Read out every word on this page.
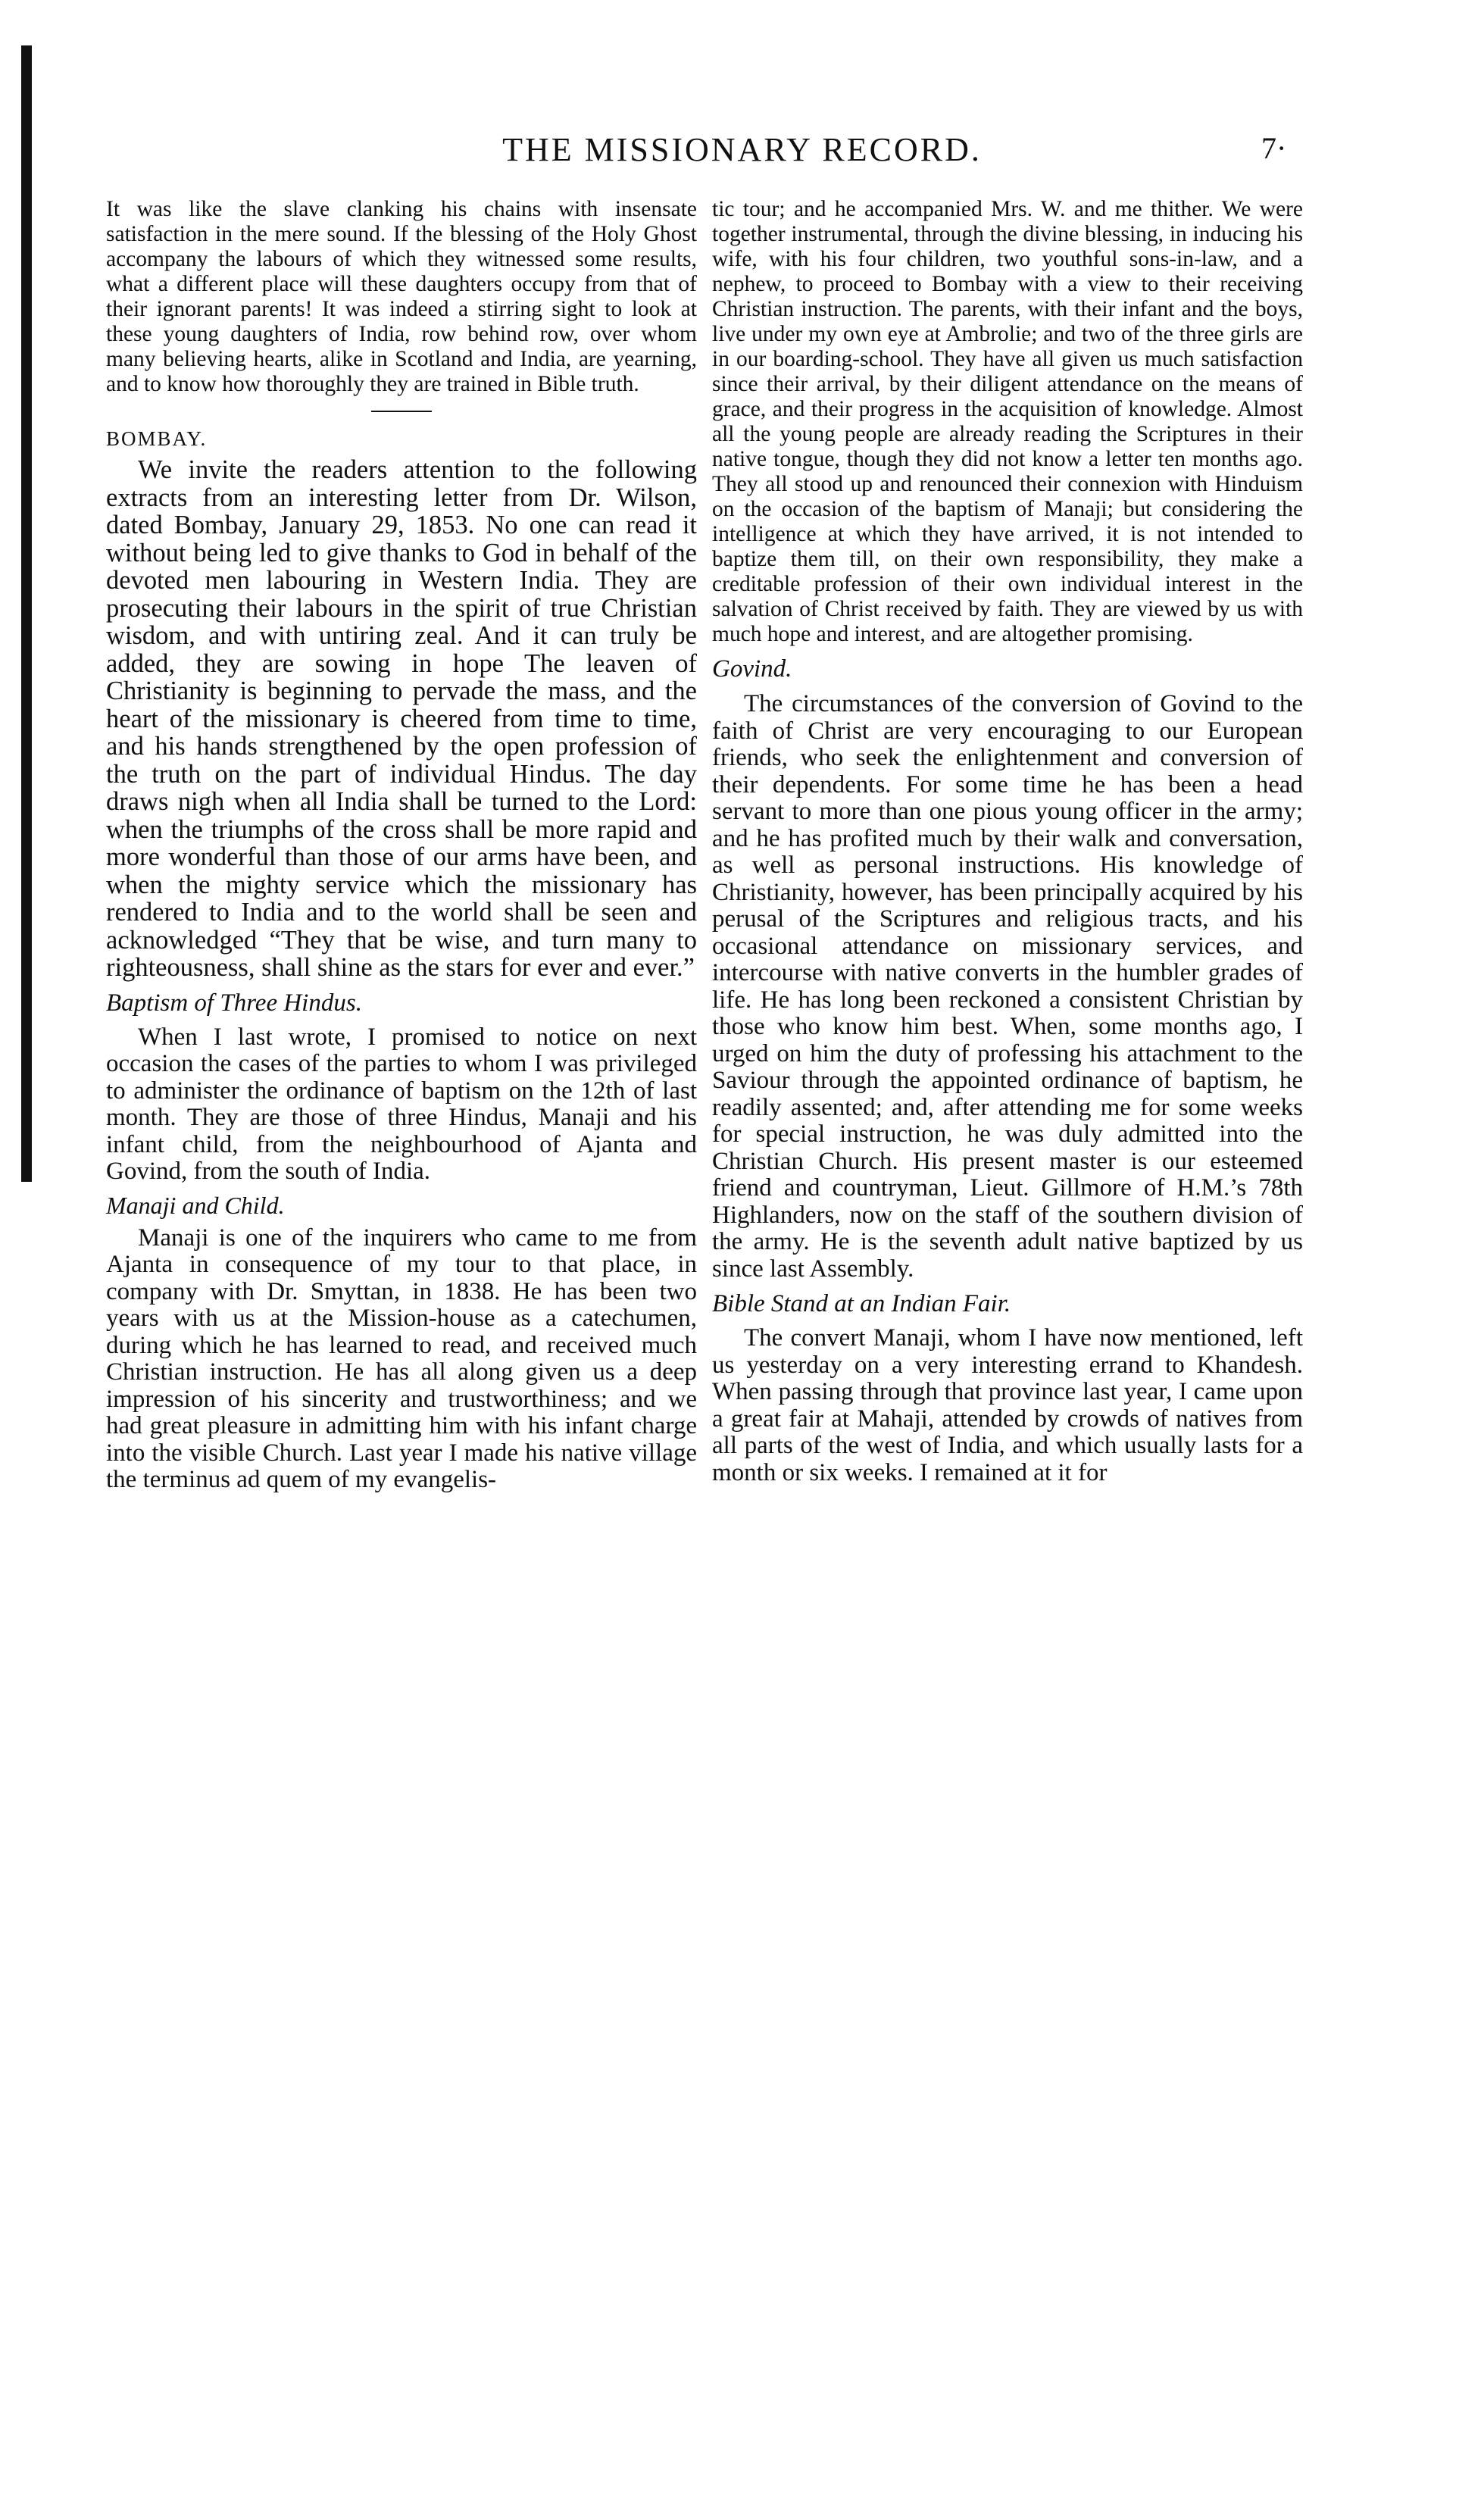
THE MISSIONARY RECORD.	7·

It was like the slave clanking his chains with insensate satisfaction in the mere sound. If the blessing of the Holy Ghost accompany the labours of which they witnessed some results, what a different place will these daughters occupy from that of their ignorant parents! It was indeed a stirring sight to look at these young daughters of India, row behind row, over whom many believing hearts, alike in Scotland and India, are yearning, and to know how thoroughly they are trained in Bible truth.

BOMBAY.

We invite the readers attention to the following extracts from an interesting letter from Dr. Wilson, dated Bombay, January 29, 1853. No one can read it without being led to give thanks to God in behalf of the devoted men labouring in Western India. They are prosecuting their labours in the spirit of true Christian wisdom, and with untiring zeal. And it can truly be added, they are sowing in hope The leaven of Christianity is beginning to pervade the mass, and the heart of the missionary is cheered from time to time, and his hands strengthened by the open profession of the truth on the part of individual Hindus. The day draws nigh when all India shall be turned to the Lord: when the triumphs of the cross shall be more rapid and more wonderful than those of our arms have been, and when the mighty service which the missionary has rendered to India and to the world shall be seen and acknowledged “They that be wise, and turn many to righteousness, shall shine as the stars for ever and ever.”

Baptism of Three Hindus.

When I last wrote, I promised to notice on next occasion the cases of the parties to whom I was privileged to administer the ordinance of baptism on the 12th of last month. They are those of three Hindus, Manaji and his infant child, from the neighbourhood of Ajanta and Govind, from the south of India.

Manaji and Child.

Manaji is one of the inquirers who came to me from Ajanta in consequence of my tour to that place, in company with Dr. Smyttan, in 1838. He has been two years with us at the Mission-house as a catechumen, during which he has learned to read, and received much Christian instruction. He has all along given us a deep impression of his sincerity and trustworthiness; and we had great pleasure in admitting him with his infant charge into the visible Church. Last year I made his native village the terminus ad quem of my evangelis-

tic tour; and he accompanied Mrs. W. and me thither. We were together instrumental, through the divine blessing, in inducing his wife, with his four children, two youthful sons-in-law, and a nephew, to proceed to Bombay with a view to their receiving Christian instruction. The parents, with their infant and the boys, live under my own eye at Ambrolie; and two of the three girls are in our boarding-school. They have all given us much satisfaction since their arrival, by their diligent attendance on the means of grace, and their progress in the acquisition of knowledge. Almost all the young people are already reading the Scriptures in their native tongue, though they did not know a letter ten months ago. They all stood up and renounced their connexion with Hinduism on the occasion of the baptism of Manaji; but considering the intelligence at which they have arrived, it is not intended to baptize them till, on their own responsibility, they make a creditable profession of their own individual interest in the salvation of Christ received by faith. They are viewed by us with much hope and interest, and are altogether promising.

Govind.

The circumstances of the conversion of Govind to the faith of Christ are very encouraging to our European friends, who seek the enlightenment and conversion of their dependents. For some time he has been a head servant to more than one pious young officer in the army; and he has profited much by their walk and conversation, as well as personal instructions. His knowledge of Christianity, however, has been principally acquired by his perusal of the Scriptures and religious tracts, and his occasional attendance on missionary services, and intercourse with native converts in the humbler grades of life. He has long been reckoned a consistent Christian by those who know him best. When, some months ago, I urged on him the duty of professing his attachment to the Saviour through the appointed ordinance of baptism, he readily assented; and, after attending me for some weeks for special instruction, he was duly admitted into the Christian Church. His present master is our esteemed friend and countryman, Lieut. Gillmore of H.M.’s 78th Highlanders, now on the staff of the southern division of the army. He is the seventh adult native baptized by us since last Assembly.

Bible Stand at an Indian Fair.

The convert Manaji, whom I have now mentioned, left us yesterday on a very interesting errand to Khandesh. When passing through that province last year, I came upon a great fair at Mahaji, attended by crowds of natives from all parts of the west of India, and which usually lasts for a month or six weeks. I remained at it for
